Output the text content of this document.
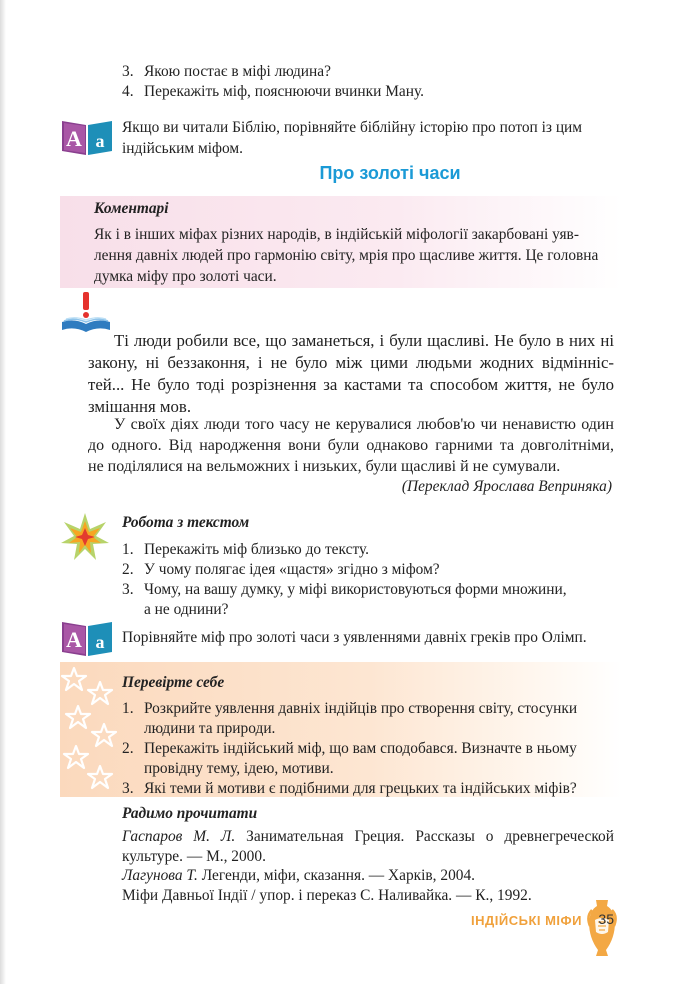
3. Якою постає в міфі людина?
4. Перекажіть міф, пояснюючи вчинки Ману.
А а
Якщо ви читали Біблію, порівняйте біблійну історію про потоп із цим
індійським міфом.
Про золоті часи
Коментарі
Як і в інших міфах різних народів, в індійській міфології закарбовані уяв-
лення давніх людей про гармонію світу, мрія про щасливе життя. Це головна
думка міфу про золоті часи.
Ті люди робили все, що заманеться, і були щасливі. Не було в них ні
закону, ні беззаконня, і не було між цими людьми жодних відмінніс-
тей... Не було тоді розрізнення за кастами та способом життя, не було
змішання мов.
У своїх діях люди того часу не керувалися любов'ю чи ненавистю один
до одного. Від народження вони були однаково гарними та довголітніми,
не поділялися на вельможних і низьких, були щасливі й не сумували.
(Переклад Ярослава Веприняка)
Робота з текстом
1. Перекажіть міф близько до тексту.
2. У чому полягає ідея «щастя» згідно з міфом?
3. Чому, на вашу думку, у міфі використовуються форми множини,
а не однини?
А а Порівняйте міф про золоті часи з уявленнями давніх греків про Олімп.
Перевірте себе
1. Розкрийте уявлення давніх індійців про створення світу, стосунки
людини та природи.
2. Перекажіть індійський міф, що вам сподобався. Визначте в ньому
провідну тему, ідею, мотиви.
3. Які теми й мотиви є подібними для грецьких та індійських міфів?
Радимо прочитати
Гаспаров М. Л. Занимательная Греция. Рассказы о древнегреческой
культуре. — М., 2000.
Лагунова Т. Легенди, міфи, сказання. — Харків, 2004.
Міфи Давньої Індії / упор. і переказ С. Наливайка. — К., 1992.
ІНДІЙСЬКІ МІФИ 35
